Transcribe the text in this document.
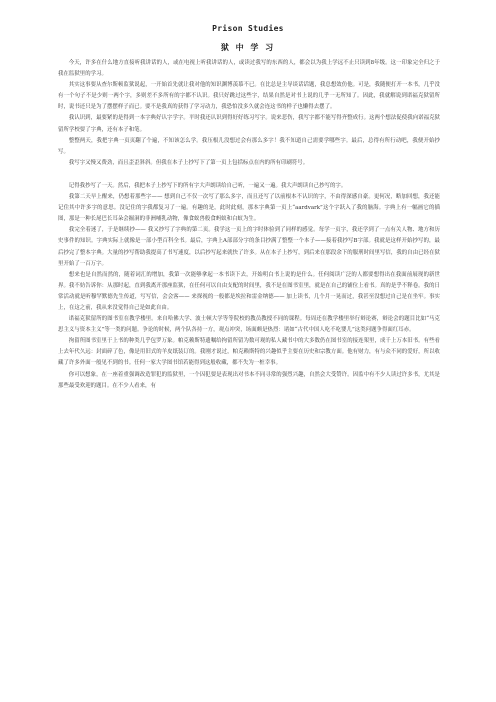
Prison Studies
狱 中 学 习

今天，许多在什么地方直接听我讲话的人，或在电视上听我讲话的人，或读过我写的东西的人，都会以为我上学远不止只读到8年级。这一印象完全归之于我在监狱里的学习。

其实这事要从查尔斯顿监狱说起，一开始首先就让我对他的知识渊博羡慕不已。在比总是主导谈话话题，我总想效仿他。可是，我随便打开一本书，几乎没有一个句子不是少则一两个字，多则差不多所有的字都不认识。我只好跳过这些字，结果自然是对书上说的几乎一无所知了。因此，我就解说到诺福克狱留所时，说书还只是为了摆摆样子而已。要不是我真的获得了学习动力，我恐怕没多久就会连这书的样子也懒得去摆了。

我认识到，最要紧的是得到一本字典好认字学字。平时我还认识到得好好练习写字。说来悲伤，我写字都不能写得齐整成行。这两个想法促使我向诺福克狱留所学校要了字典，还有本子和笔。

整整两天，我把字典一页页翻了个遍，不知该怎么学。我压根儿没想过会有那么多字！我不知道自己需要学哪些字。最后，总得有所行动吧，我便开始抄写。

我写字又慢又费劲，而且歪歪斜斜。但我在本子上抄写下了第一页上包括标点在内的所有印刷符号。

记得我抄写了一天。然后，我把本子上抄写下的所有字大声朗读给自己听，一遍又一遍。我大声朗读自己抄写的字。

我第二天早上醒来，仍想着那些字—— 想到自己不仅一次写了那么多字，而且还写了以前根本不认识的字，不由得深感自豪。更何况，略加回想，我还能记住其中许多字的意思。没记住的字我都复习了一遍。有趣的是，此时此刻，那本字典第一页上“aardvark”这个字跃入了我的脑海。字典上有一幅画它的插图，那是一种长尾巴长耳朵会掘洞的非洲哺乳动物，像食蚁兽般食蚂蚁和白蚁为生。

我完全着迷了，于是继续抄—— 我又抄写了字典的第二页。我学这一页上的字时体验到了同样的感觉。每学一页字，我还学到了一点有关人物、地方和历史事件的知识。字典实际上就像是一部小型百科全书。最后，字典上A部部分字的条目抄满了整整一个本子——接着我抄写B字部。我就是这样开始抄写的，最后抄完了整本字典。大量的抄写帮助我提高了书写速度，以后抄写起来就快了许多。从在本子上抄写，到后来在那段余下的服刑时间里写信，我的自由已经在狱里开始了一百万字。

想来也是自然而然的，随着词汇的增加，我第一次能够拿起一本书读下去，开始明白书上说的是什么。任何阅读广泛的人都要想得出在我面前展现的新世界。我不妨告诉你：从那时起，直到我离开那座监狱，在任何可以自由支配的时间里，我不是在图书室里，就是在自己的铺位上看书。真的是乎不释卷。我的日常活动就是听穆罕默德先生传道，写写信，会会客—— 来探视的一般都是埃拉和雷金纳德—— 加上读书，几个月一晃而过，我甚至没想过自己是在坐牢。事实上，在这之前，我从来没觉得自己是如此自由。

诺福克狱留所的图书室在教学楼里。来自哈佛大学、波士顿大学等等院校的教员教授不同的课程。每周还在教学楼里举行辩论赛，辩论会的题目比如“马克思主义与资本主义”等一类的问题。争论的时候，两个队各持一方，观点冲突，场面颇是热烈：诸如“古代中国人吃不吃婴儿”这类问题争得面红耳赤。

拘留所图书室里于上书的种类几乎包罗万象。帕克赖斯特遗嘱给拘留所留为数可观的私人藏书中的大多数仍在图书室的接连架里，成千上万本旧书。有些看上去年代久远：封面碎了色，像是用旧式的羊皮纸装订的。我刚才说过，帕克赖斯特的兴趣似乎主要在历史和宗教方面。他有财力，有与众不同的爱好，所以收藏了许多外面一般见不到的书。任何一家大学图书馆若能得到这般收藏，都不失为一桩幸事。

你可以想象，在一座着重强调改造罪犯的监狱里，一个囚犯要是表现出对书本不同寻常的强烈兴趣，自然会大受赞许。因监中有不少人读过许多书，尤其是那些最受欢迎的题目。在不少人看来，有
